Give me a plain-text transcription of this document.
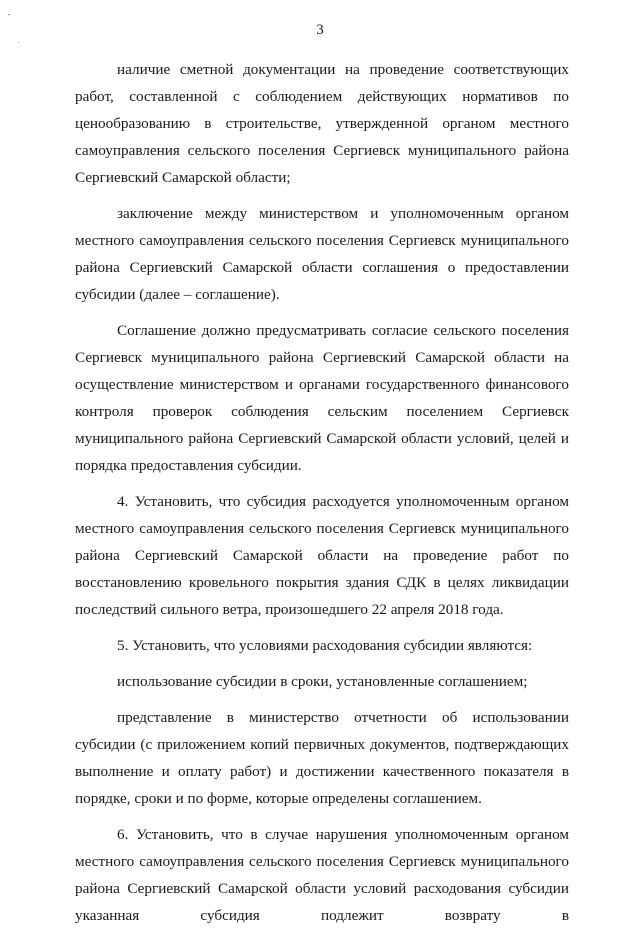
3

наличие сметной документации на проведение соответствующих работ, составленной с соблюдением действующих нормативов по ценообразованию в строительстве, утвержденной органом местного самоуправления сельского поселения Сергиевск муниципального района Сергиевский Самарской области;

заключение между министерством и уполномоченным органом местного самоуправления сельского поселения Сергиевск муниципального района Сергиевский Самарской области соглашения о предоставлении субсидии (далее – соглашение).

Соглашение должно предусматривать согласие сельского поселения Сергиевск муниципального района Сергиевский Самарской области на осуществление министерством и органами государственного финансового контроля проверок соблюдения сельским поселением Сергиевск муниципального района Сергиевский Самарской области условий, целей и порядка предоставления субсидии.

4. Установить, что субсидия расходуется уполномоченным органом местного самоуправления сельского поселения Сергиевск муниципального района Сергиевский Самарской области на проведение работ по восстановлению кровельного покрытия здания СДК в целях ликвидации последствий сильного ветра, произошедшего 22 апреля 2018 года.

5. Установить, что условиями расходования субсидии являются:

использование субсидии в сроки, установленные соглашением;

представление в министерство отчетности об использовании субсидии (с приложением копий первичных документов, подтверждающих выполнение и оплату работ) и достижении качественного показателя в порядке, сроки и по форме, которые определены соглашением.

6. Установить, что в случае нарушения уполномоченным органом местного самоуправления сельского поселения Сергиевск муниципального района Сергиевский Самарской области условий расходования субсидии указанная субсидия подлежит возврату в
